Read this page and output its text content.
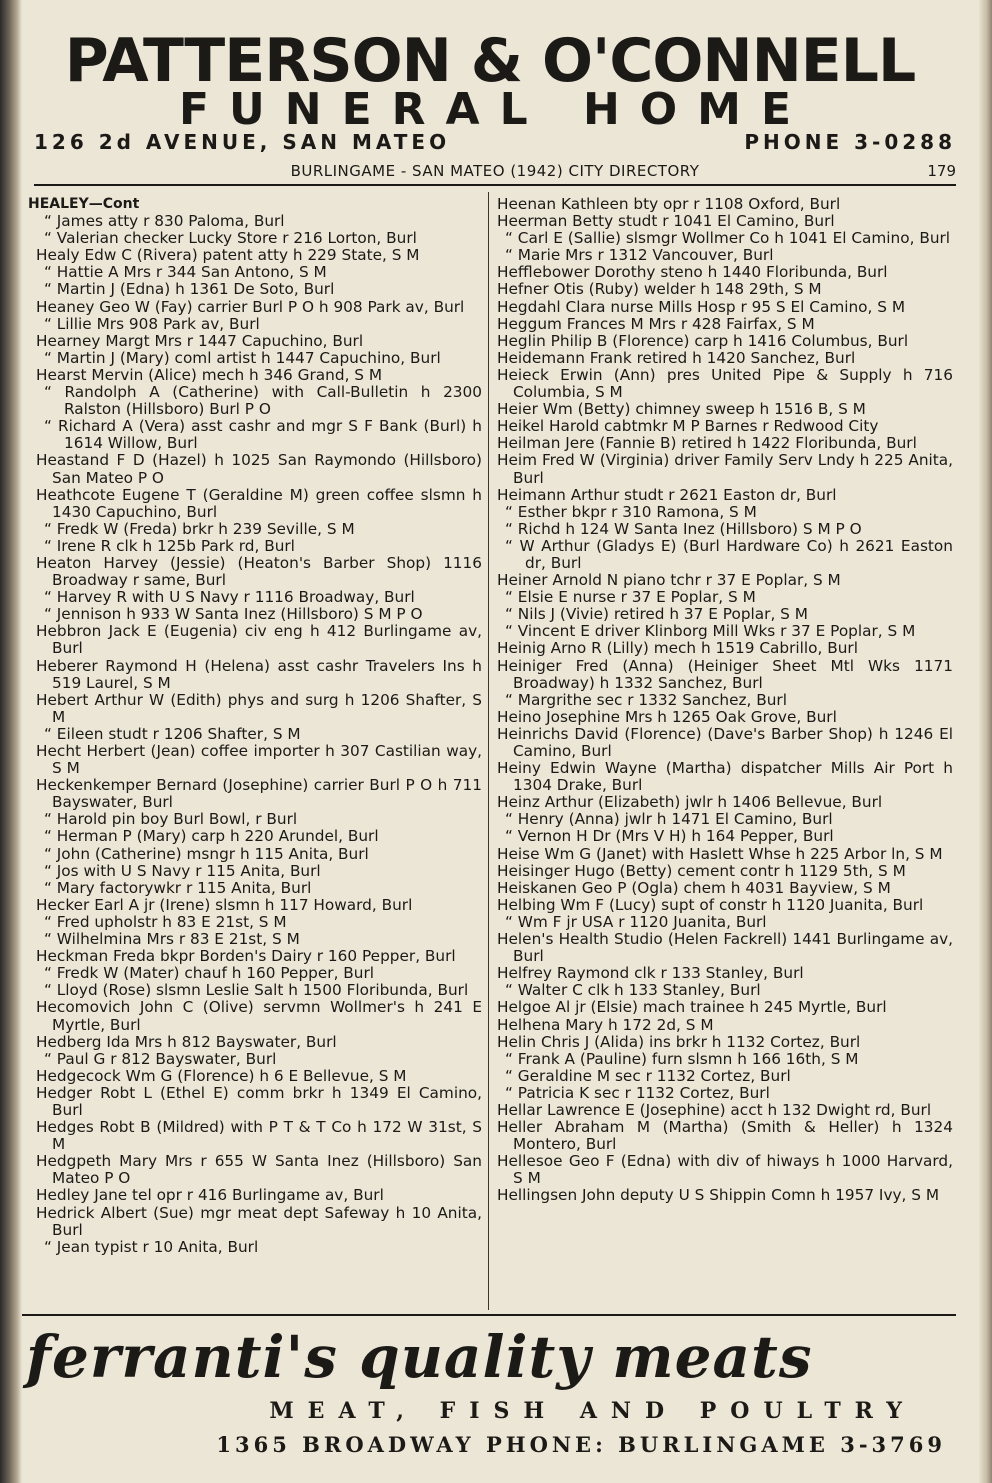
PATTERSON & O'CONNELL
FUNERAL HOME
126 2d AVENUE, SAN MATEO	PHONE 3-0288
BURLINGAME - SAN MATEO (1942) CITY DIRECTORY	179
HEALEY—Cont
“ James atty r 830 Paloma, Burl
“ Valerian checker Lucky Store r 216 Lorton, Burl
Healy Edw C (Rivera) patent atty h 229 State, S M
“ Hattie A Mrs r 344 San Antono, S M
“ Martin J (Edna) h 1361 De Soto, Burl
Heaney Geo W (Fay) carrier Burl P O h 908 Park av, Burl
“ Lillie Mrs 908 Park av, Burl
Hearney Margt Mrs r 1447 Capuchino, Burl
“ Martin J (Mary) coml artist h 1447 Capuchino, Burl
Hearst Mervin (Alice) mech h 346 Grand, S M
“ Randolph A (Catherine) with Call-Bulletin h 2300 Ralston (Hillsboro) Burl P O
“ Richard A (Vera) asst cashr and mgr S F Bank (Burl) h 1614 Willow, Burl
Heastand F D (Hazel) h 1025 San Raymondo (Hillsboro) San Mateo P O
Heathcote Eugene T (Geraldine M) green coffee slsmn h 1430 Capuchino, Burl
“ Fredk W (Freda) brkr h 239 Seville, S M
“ Irene R clk h 125b Park rd, Burl
Heaton Harvey (Jessie) (Heaton's Barber Shop) 1116 Broadway r same, Burl
“ Harvey R with U S Navy r 1116 Broadway, Burl
“ Jennison h 933 W Santa Inez (Hillsboro) S M P O
Hebbron Jack E (Eugenia) civ eng h 412 Burlingame av, Burl
Heberer Raymond H (Helena) asst cashr Travelers Ins h 519 Laurel, S M
Hebert Arthur W (Edith) phys and surg h 1206 Shafter, S M
“ Eileen studt r 1206 Shafter, S M
Hecht Herbert (Jean) coffee importer h 307 Castilian way, S M
Heckenkemper Bernard (Josephine) carrier Burl P O h 711 Bayswater, Burl
“ Harold pin boy Burl Bowl, r Burl
“ Herman P (Mary) carp h 220 Arundel, Burl
“ John (Catherine) msngr h 115 Anita, Burl
“ Jos with U S Navy r 115 Anita, Burl
“ Mary factorywkr r 115 Anita, Burl
Hecker Earl A jr (Irene) slsmn h 117 Howard, Burl
“ Fred upholstr h 83 E 21st, S M
“ Wilhelmina Mrs r 83 E 21st, S M
Heckman Freda bkpr Borden's Dairy r 160 Pepper, Burl
“ Fredk W (Mater) chauf h 160 Pepper, Burl
“ Lloyd (Rose) slsmn Leslie Salt h 1500 Floribunda, Burl
Hecomovich John C (Olive) servmn Wollmer's h 241 E Myrtle, Burl
Hedberg Ida Mrs h 812 Bayswater, Burl
“ Paul G r 812 Bayswater, Burl
Hedgecock Wm G (Florence) h 6 E Bellevue, S M
Hedger Robt L (Ethel E) comm brkr h 1349 El Camino, Burl
Hedges Robt B (Mildred) with P T & T Co h 172 W 31st, S M
Hedgpeth Mary Mrs r 655 W Santa Inez (Hillsboro) San Mateo P O
Hedley Jane tel opr r 416 Burlingame av, Burl
Hedrick Albert (Sue) mgr meat dept Safeway h 10 Anita, Burl
“ Jean typist r 10 Anita, Burl
Heenan Kathleen bty opr r 1108 Oxford, Burl
Heerman Betty studt r 1041 El Camino, Burl
“ Carl E (Sallie) slsmgr Wollmer Co h 1041 El Camino, Burl
“ Marie Mrs r 1312 Vancouver, Burl
Hefflebower Dorothy steno h 1440 Floribunda, Burl
Hefner Otis (Ruby) welder h 148 29th, S M
Hegdahl Clara nurse Mills Hosp r 95 S El Camino, S M
Heggum Frances M Mrs r 428 Fairfax, S M
Heglin Philip B (Florence) carp h 1416 Columbus, Burl
Heidemann Frank retired h 1420 Sanchez, Burl
Heieck Erwin (Ann) pres United Pipe & Supply h 716 Columbia, S M
Heier Wm (Betty) chimney sweep h 1516 B, S M
Heikel Harold cabtmkr M P Barnes r Redwood City
Heilman Jere (Fannie B) retired h 1422 Floribunda, Burl
Heim Fred W (Virginia) driver Family Serv Lndy h 225 Anita, Burl
Heimann Arthur studt r 2621 Easton dr, Burl
“ Esther bkpr r 310 Ramona, S M
“ Richd h 124 W Santa Inez (Hillsboro) S M P O
“ W Arthur (Gladys E) (Burl Hardware Co) h 2621 Easton dr, Burl
Heiner Arnold N piano tchr r 37 E Poplar, S M
“ Elsie E nurse r 37 E Poplar, S M
“ Nils J (Vivie) retired h 37 E Poplar, S M
“ Vincent E driver Klinborg Mill Wks r 37 E Poplar, S M
Heinig Arno R (Lilly) mech h 1519 Cabrillo, Burl
Heiniger Fred (Anna) (Heiniger Sheet Mtl Wks 1171 Broadway) h 1332 Sanchez, Burl
“ Margrithe sec r 1332 Sanchez, Burl
Heino Josephine Mrs h 1265 Oak Grove, Burl
Heinrichs David (Florence) (Dave's Barber Shop) h 1246 El Camino, Burl
Heiny Edwin Wayne (Martha) dispatcher Mills Air Port h 1304 Drake, Burl
Heinz Arthur (Elizabeth) jwlr h 1406 Bellevue, Burl
“ Henry (Anna) jwlr h 1471 El Camino, Burl
“ Vernon H Dr (Mrs V H) h 164 Pepper, Burl
Heise Wm G (Janet) with Haslett Whse h 225 Arbor ln, S M
Heisinger Hugo (Betty) cement contr h 1129 5th, S M
Heiskanen Geo P (Ogla) chem h 4031 Bayview, S M
Helbing Wm F (Lucy) supt of constr h 1120 Juanita, Burl
“ Wm F jr USA r 1120 Juanita, Burl
Helen's Health Studio (Helen Fackrell) 1441 Burlingame av, Burl
Helfrey Raymond clk r 133 Stanley, Burl
“ Walter C clk h 133 Stanley, Burl
Helgoe Al jr (Elsie) mach trainee h 245 Myrtle, Burl
Helhena Mary h 172 2d, S M
Helin Chris J (Alida) ins brkr h 1132 Cortez, Burl
“ Frank A (Pauline) furn slsmn h 166 16th, S M
“ Geraldine M sec r 1132 Cortez, Burl
“ Patricia K sec r 1132 Cortez, Burl
Hellar Lawrence E (Josephine) acct h 132 Dwight rd, Burl
Heller Abraham M (Martha) (Smith & Heller) h 1324 Montero, Burl
Hellesoe Geo F (Edna) with div of hiways h 1000 Harvard, S M
Hellingsen John deputy U S Shippin Comn h 1957 Ivy, S M
ferranti's quality meats
MEAT, FISH AND POULTRY
1365 BROADWAY PHONE: BURLINGAME 3-3769
